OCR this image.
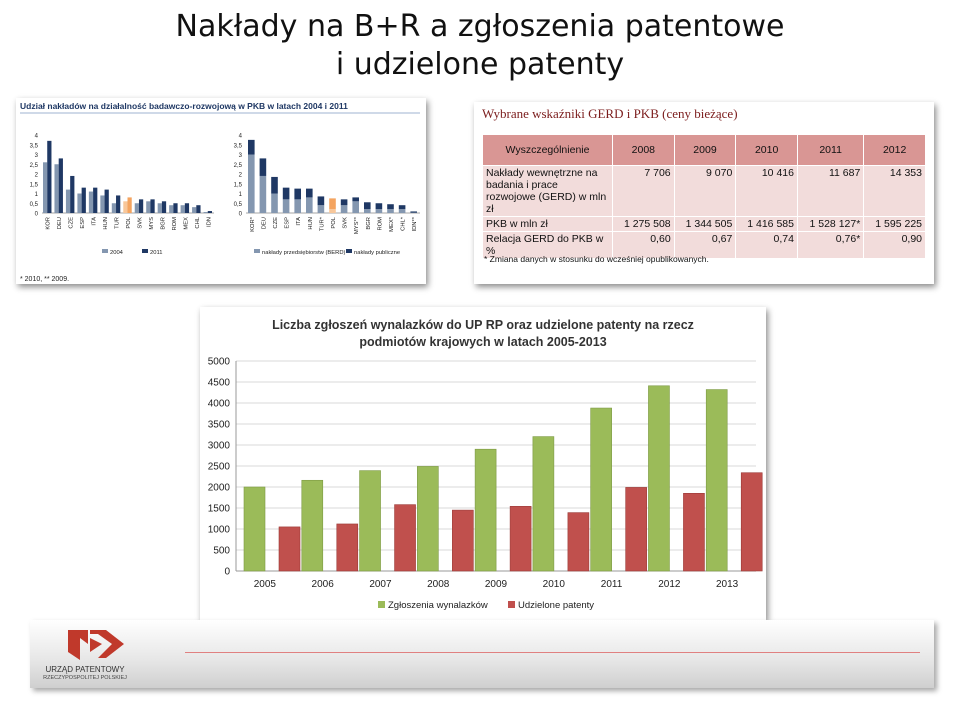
Nakłady na B+R a zgłoszenia patentowe
i udzielone patenty
Udział nakładów na działalność badawczo-rozwojową w PKB w latach 2004 i 2011
0
0,5
1
1,5
2
2,5
3
3,5
4
KOR DEU CZE ESP ITA HUN TUR POL SVK MYS BGR ROM MEX CHL IDN
2004	2011
0
0,5
1
1,5
2
2,5
3
3,5
4
KOR* DEU CZE ESP ITA HUN TUR* POL SVK MYS** BGR ROM MEX* CHL* IDN**
nakłady przedsiębiorstw (BERD) nakłady publiczne
* 2010, ** 2009.

Wybrane wskaźniki GERD i PKB (ceny bieżące)

Wyszczególnienie	2008	2009	2010	2011	2012
Nakłady wewnętrzne na badania i prace rozwojowe (GERD) w mln zł	7 706	9 070	10 416	11 687	14 353
PKB w mln zł	1 275 508	1 344 505	1 416 585	1 528 127*	1 595 225
Relacja GERD do PKB w %	0,60	0,67	0,74	0,76*	0,90

* Zmiana danych w stosunku do wcześniej opublikowanych.

Liczba zgłoszeń wynalazków do UP RP oraz udzielone patenty na rzecz
podmiotów krajowych w latach 2005-2013
0
500
1000
1500
2000
2500
3000
3500
4000
4500
5000
2005	2006	2007	2008	2009	2010	2011	2012	2013
Zgłoszenia wynalazków	Udzielone patenty

URZĄD PATENTOWY

RZECZYPOSPOLITEJ POLSKIEJ
